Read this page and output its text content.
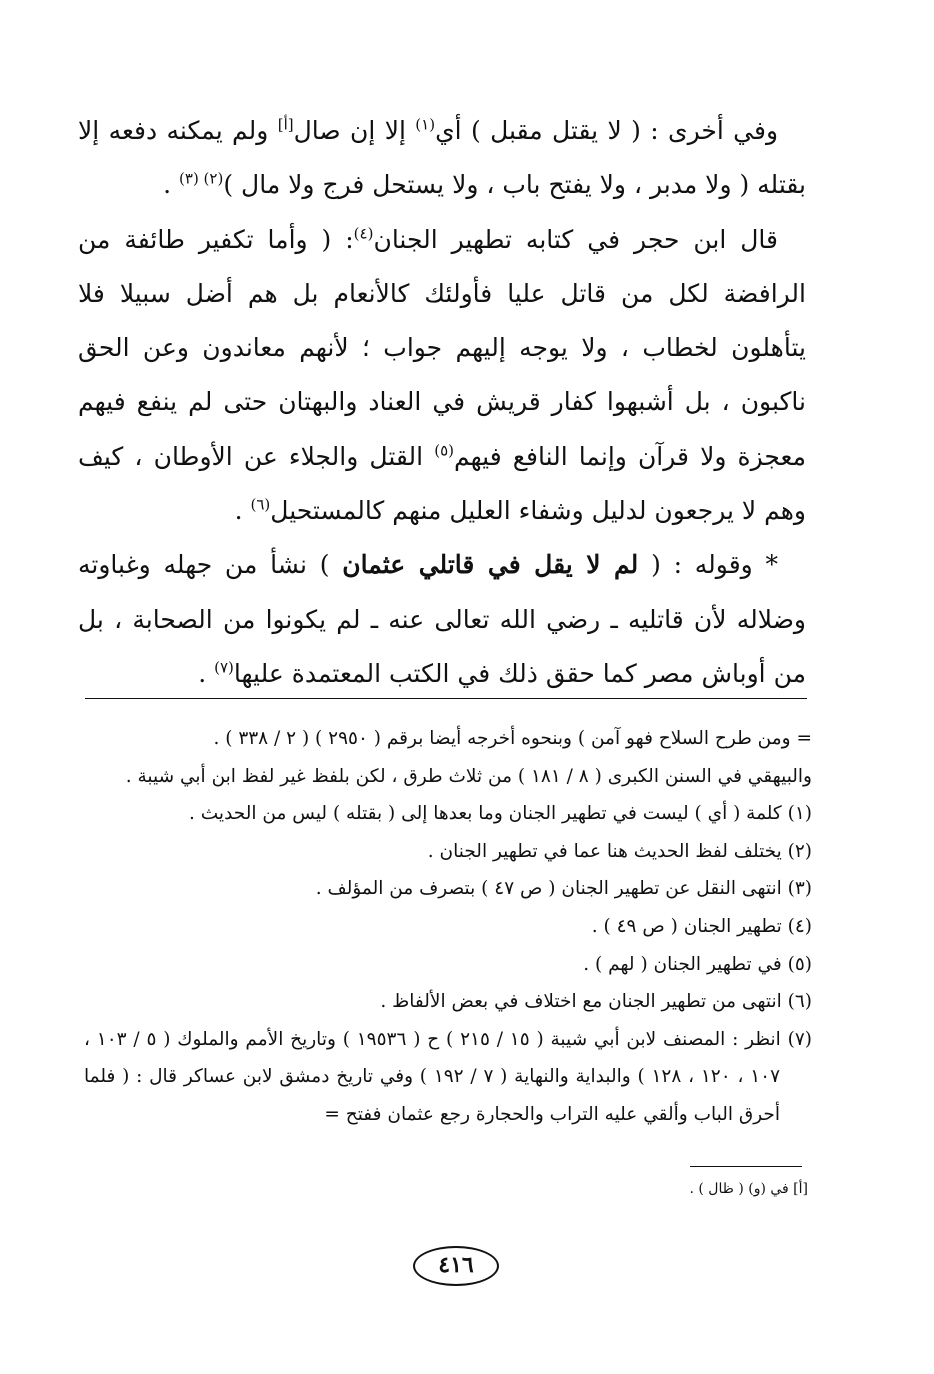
وفي أخرى : ( لا يقتل مقبل ) أي$^{(١)}$ إلا إن صال[أ] ولم يمكنه دفعه إلا بقتله ( ولا مدبر ، ولا يفتح باب ، ولا يستحل فرج ولا مال )$^{(٢) (٣)}$ .

قال ابن حجر في كتابه تطهير الجنان$^{(٤)}$: ( وأما تكفير طائفة من الرافضة لكل من قاتل عليا فأولئك كالأنعام بل هم أضل سبيلا فلا يتأهلون لخطاب ، ولا يوجه إليهم جواب ؛ لأنهم معاندون وعن الحق ناكبون ، بل أشبهوا كفار قريش في العناد والبهتان حتى لم ينفع فيهم معجزة ولا قرآن وإنما النافع فيهم$^{(٥)}$ القتل والجلاء عن الأوطان ، كيف وهم لا يرجعون لدليل وشفاء العليل منهم كالمستحيل$^{(٦)}$ .

* وقوله : ( لم لا يقل في قاتلي عثمان ) نشأ من جهله وغباوته وضلاله لأن قاتليه ـ رضي الله تعالى عنه ـ لم يكونوا من الصحابة ، بل من أوباش مصر كما حقق ذلك في الكتب المعتمدة عليها$^{(٧)}$ .

= ومن طرح السلاح فهو آمن ) وبنحوه أخرجه أيضا برقم ( ٢٩٥٠ ) ( ٢ / ٣٣٨ ) .

والبيهقي في السنن الكبرى ( ٨ / ١٨١ ) من ثلاث طرق ، لكن بلفظ غير لفظ ابن أبي شيبة .

(١) كلمة ( أي ) ليست في تطهير الجنان وما بعدها إلى ( بقتله ) ليس من الحديث .

(٢) يختلف لفظ الحديث هنا عما في تطهير الجنان .

(٣) انتهى النقل عن تطهير الجنان ( ص ٤٧ ) بتصرف من المؤلف .

(٤) تطهير الجنان ( ص ٤٩ ) .

(٥) في تطهير الجنان ( لهم ) .

(٦) انتهى من تطهير الجنان مع اختلاف في بعض الألفاظ .

(٧) انظر : المصنف لابن أبي شيبة ( ١٥ / ٢١٥ ) ح ( ١٩٥٣٦ ) وتاريخ الأمم والملوك ( ٥ / ١٠٣ ، ١٠٧ ، ١٢٠ ، ١٢٨ ) والبداية والنهاية ( ٧ / ١٩٢ ) وفي تاريخ دمشق لابن عساكر قال : ( فلما أحرق الباب وألقي عليه التراب والحجارة رجع عثمان ففتح =

[أ] في (و) ( ظال ) .
٤١٦
